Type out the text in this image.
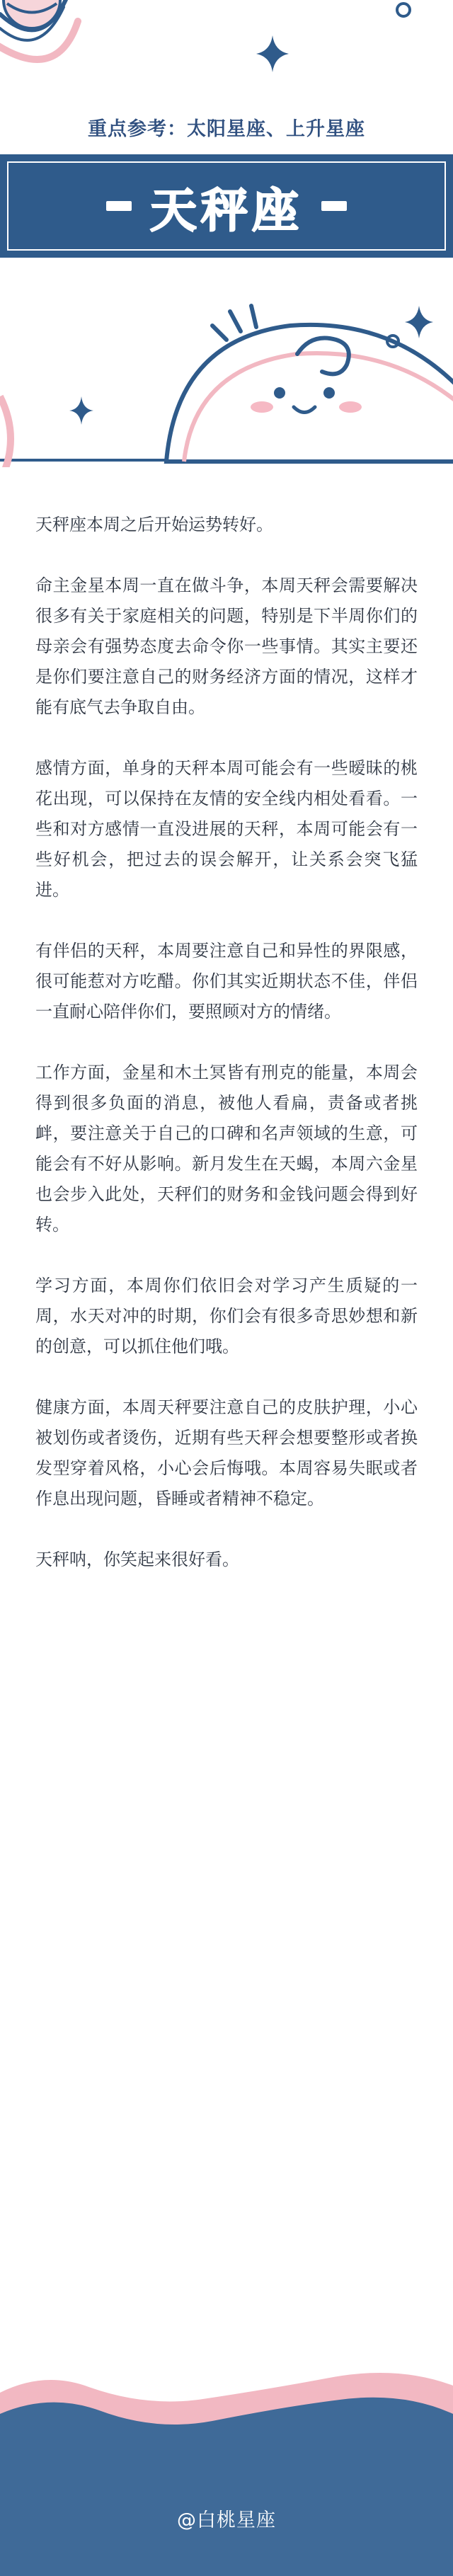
重点参考：太阳星座、上升星座
天秤座

天秤座本周之后开始运势转好。

命主金星本周一直在做斗争，本周天秤会需要解决很多有关于家庭相关的问题，特别是下半周你们的母亲会有强势态度去命令你一些事情。其实主要还是你们要注意自己的财务经济方面的情况，这样才能有底气去争取自由。

感情方面，单身的天秤本周可能会有一些暧昧的桃花出现，可以保持在友情的安全线内相处看看。一些和对方感情一直没进展的天秤，本周可能会有一些好机会，把过去的误会解开，让关系会突飞猛进。

有伴侣的天秤，本周要注意自己和异性的界限感，很可能惹对方吃醋。你们其实近期状态不佳，伴侣一直耐心陪伴你们，要照顾对方的情绪。

工作方面，金星和木土冥皆有刑克的能量，本周会得到很多负面的消息，被他人看扁，责备或者挑衅，要注意关于自己的口碑和名声领域的生意，可能会有不好从影响。新月发生在天蝎，本周六金星也会步入此处，天秤们的财务和金钱问题会得到好转。

学习方面，本周你们依旧会对学习产生质疑的一周，水天对冲的时期，你们会有很多奇思妙想和新的创意，可以抓住他们哦。

健康方面，本周天秤要注意自己的皮肤护理，小心被划伤或者烫伤，近期有些天秤会想要整形或者换发型穿着风格，小心会后悔哦。本周容易失眠或者作息出现问题，昏睡或者精神不稳定。

天秤呐，你笑起来很好看。

@白桃星座
